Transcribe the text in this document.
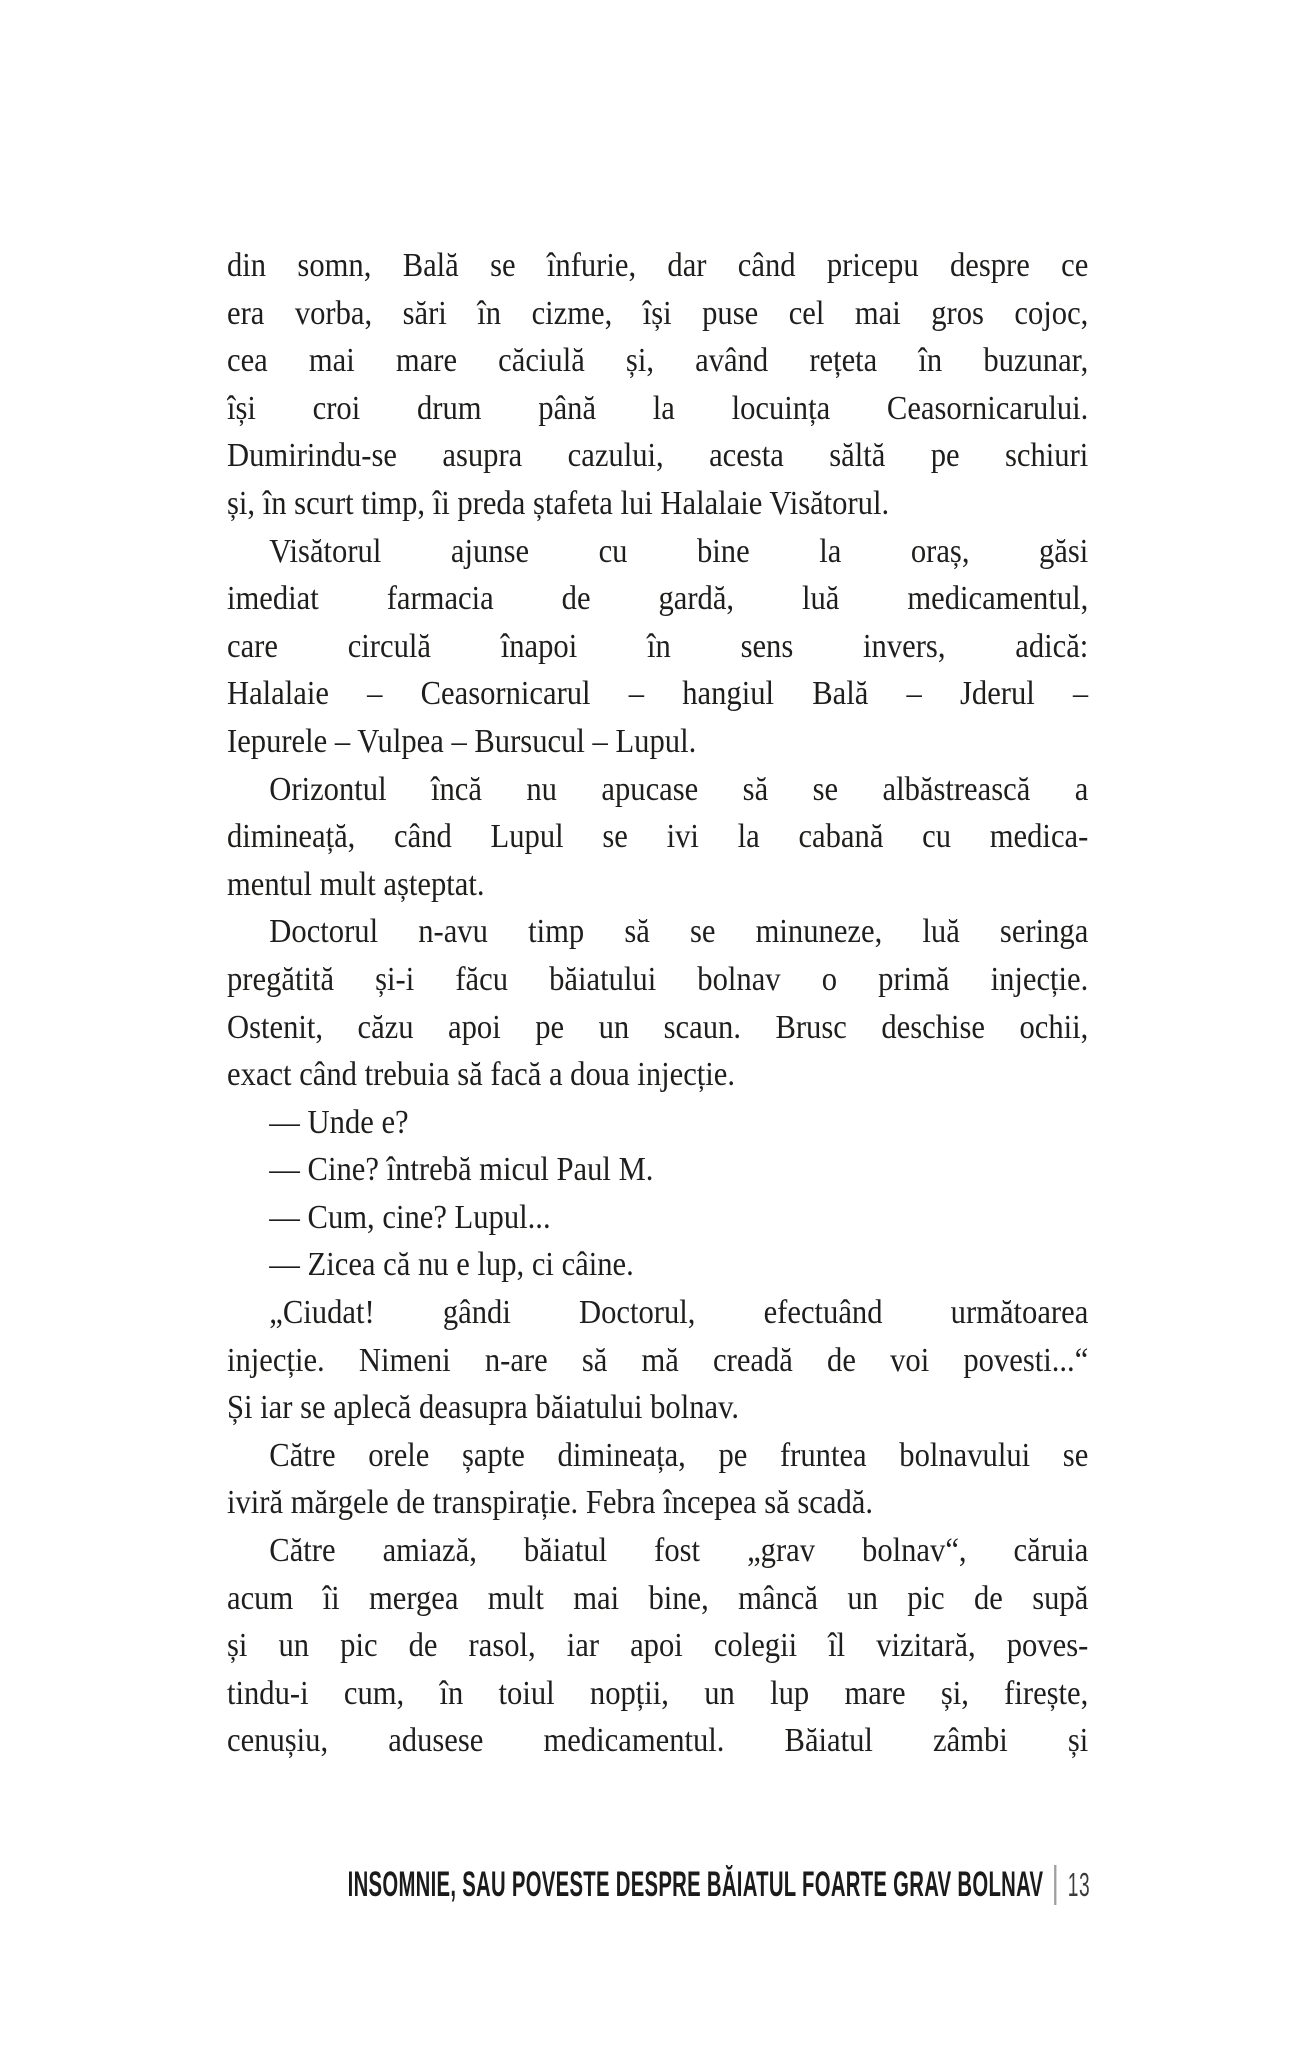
din somn, Bală se înfurie, dar când pricepu despre ce
era vorba, sări în cizme, își puse cel mai gros cojoc,
cea mai mare căciulă și, având rețeta în buzunar,
își croi drum până la locuința Ceasornicarului.
Dumirindu-se asupra cazului, acesta săltă pe schiuri
și, în scurt timp, îi preda ștafeta lui Halalaie Visătorul.
Visătorul ajunse cu bine la oraș, găsi
imediat farmacia de gardă, luă medicamentul,
care circulă înapoi în sens invers, adică:
Halalaie – Ceasornicarul – hangiul Bală – Jderul –
Iepurele – Vulpea – Bursucul – Lupul.
Orizontul încă nu apucase să se albăstrească a
dimineață, când Lupul se ivi la cabană cu medica-
mentul mult așteptat.
Doctorul n-avu timp să se minuneze, luă seringa
pregătită și-i făcu băiatului bolnav o primă injecție.
Ostenit, căzu apoi pe un scaun. Brusc deschise ochii,
exact când trebuia să facă a doua injecție.
— Unde e?
— Cine? întrebă micul Paul M.
— Cum, cine? Lupul...
— Zicea că nu e lup, ci câine.
„Ciudat! gândi Doctorul, efectuând următoarea
injecție. Nimeni n-are să mă creadă de voi povesti...“
Și iar se aplecă deasupra băiatului bolnav.
Către orele șapte dimineața, pe fruntea bolnavului se
iviră mărgele de transpirație. Febra începea să scadă.
Către amiază, băiatul fost „grav bolnav“, căruia
acum îi mergea mult mai bine, mâncă un pic de supă
și un pic de rasol, iar apoi colegii îl vizitară, poves-
tindu-i cum, în toiul nopții, un lup mare și, firește,
cenușiu, adusese medicamentul. Băiatul zâmbi și
INSOMNIE, SAU POVESTE DESPRE BĂIATUL FOARTE GRAV BOLNAV 13
